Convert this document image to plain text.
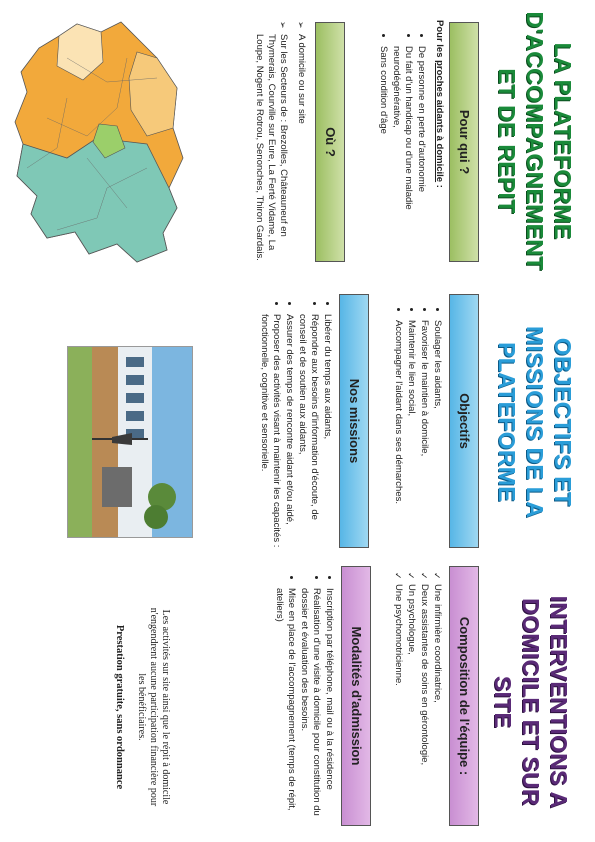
LA PLATEFORME D'ACCOMPAGNEMENT ET DE REPIT
Pour qui ?
Pour les proches aidants à domicile :
• De personne en perte d'autonomie
• Du fait d'un handicap ou d'une maladie neurodégénérative,
• Sans condition d'âge
Où ?
➢ A domicile ou sur site
➢ Sur les Secteurs de : Brezolles, Châteauneuf en Thymerais, Courville sur Eure, La Ferté Vidame, La Loupe, Nogent le Rotrou, Senonches, Thiron Gardais.
OBJECTIFS ET MISSIONS DE LA PLATEFORME
Objectifs
• Soulager les aidants,
• Favoriser le maintien à domicile,
• Maintenir le lien social,
• Accompagner l'aidant dans ses démarches.
Nos missions
• Libérer du temps aux aidants,
• Répondre aux besoins d'information d'écoute, de conseil et de soutien aux aidants,
• Assurer des temps de rencontre aidant et/ou aidé,
• Proposer des activités visant à maintenir les capacités : fonctionnelle, cognitive et sensorielle.
INTERVENTIONS A DOMICILE ET SUR SITE
Composition de l'équipe :
✓ Une infirmière coordinatrice,
✓ Deux assistantes de soins en gérontologie,
✓ Un psychologue,
✓ Une psychomotricienne.
Modalités d'admission
• Inscription par téléphone, mail ou à la résidence
• Réalisation d'une visite à domicile pour constitution du dossier et évaluation des besoins.
• Mise en place de l'accompagnement (temps de répit, ateliers)
Les activités sur site ainsi que le répit à domicile n'engendrent aucune participation financière pour les bénéficiaires.
Prestation gratuite, sans ordonnance
